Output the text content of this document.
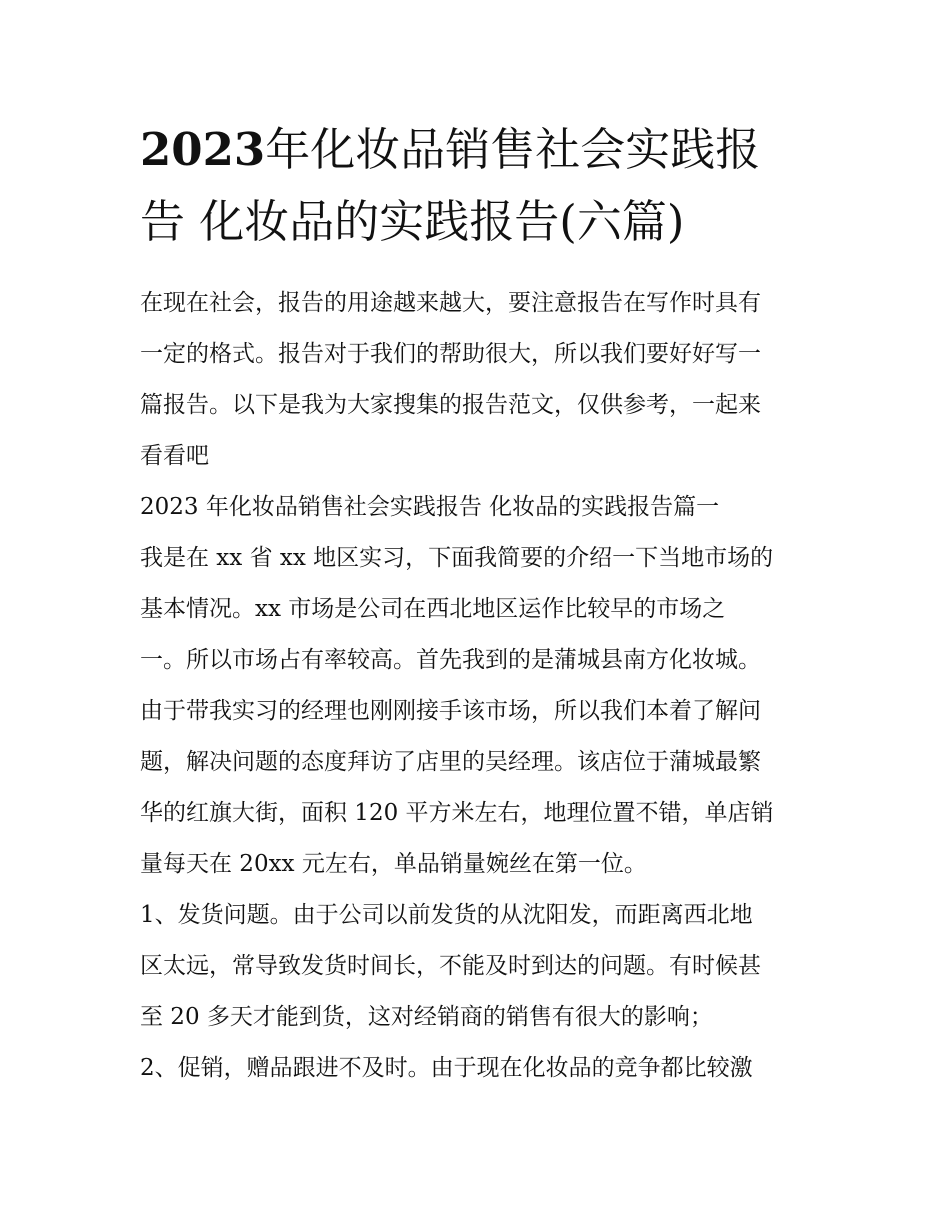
2023年化妆品销售社会实践报
告 化妆品的实践报告(六篇)
在现在社会，报告的用途越来越大，要注意报告在写作时具有
一定的格式。报告对于我们的帮助很大，所以我们要好好写一
篇报告。以下是我为大家搜集的报告范文，仅供参考，一起来
看看吧
2023 年化妆品销售社会实践报告 化妆品的实践报告篇一
我是在 xx 省 xx 地区实习，下面我简要的介绍一下当地市场的
基本情况。xx 市场是公司在西北地区运作比较早的市场之
一。所以市场占有率较高。首先我到的是蒲城县南方化妆城。
由于带我实习的经理也刚刚接手该市场，所以我们本着了解问
题，解决问题的态度拜访了店里的吴经理。该店位于蒲城最繁
华的红旗大街，面积 120 平方米左右，地理位置不错，单店销
量每天在 20xx 元左右，单品销量婉丝在第一位。
1、发货问题。由于公司以前发货的从沈阳发，而距离西北地
区太远，常导致发货时间长，不能及时到达的问题。有时候甚
至 20 多天才能到货，这对经销商的销售有很大的影响；
2、促销，赠品跟进不及时。由于现在化妆品的竞争都比较激
